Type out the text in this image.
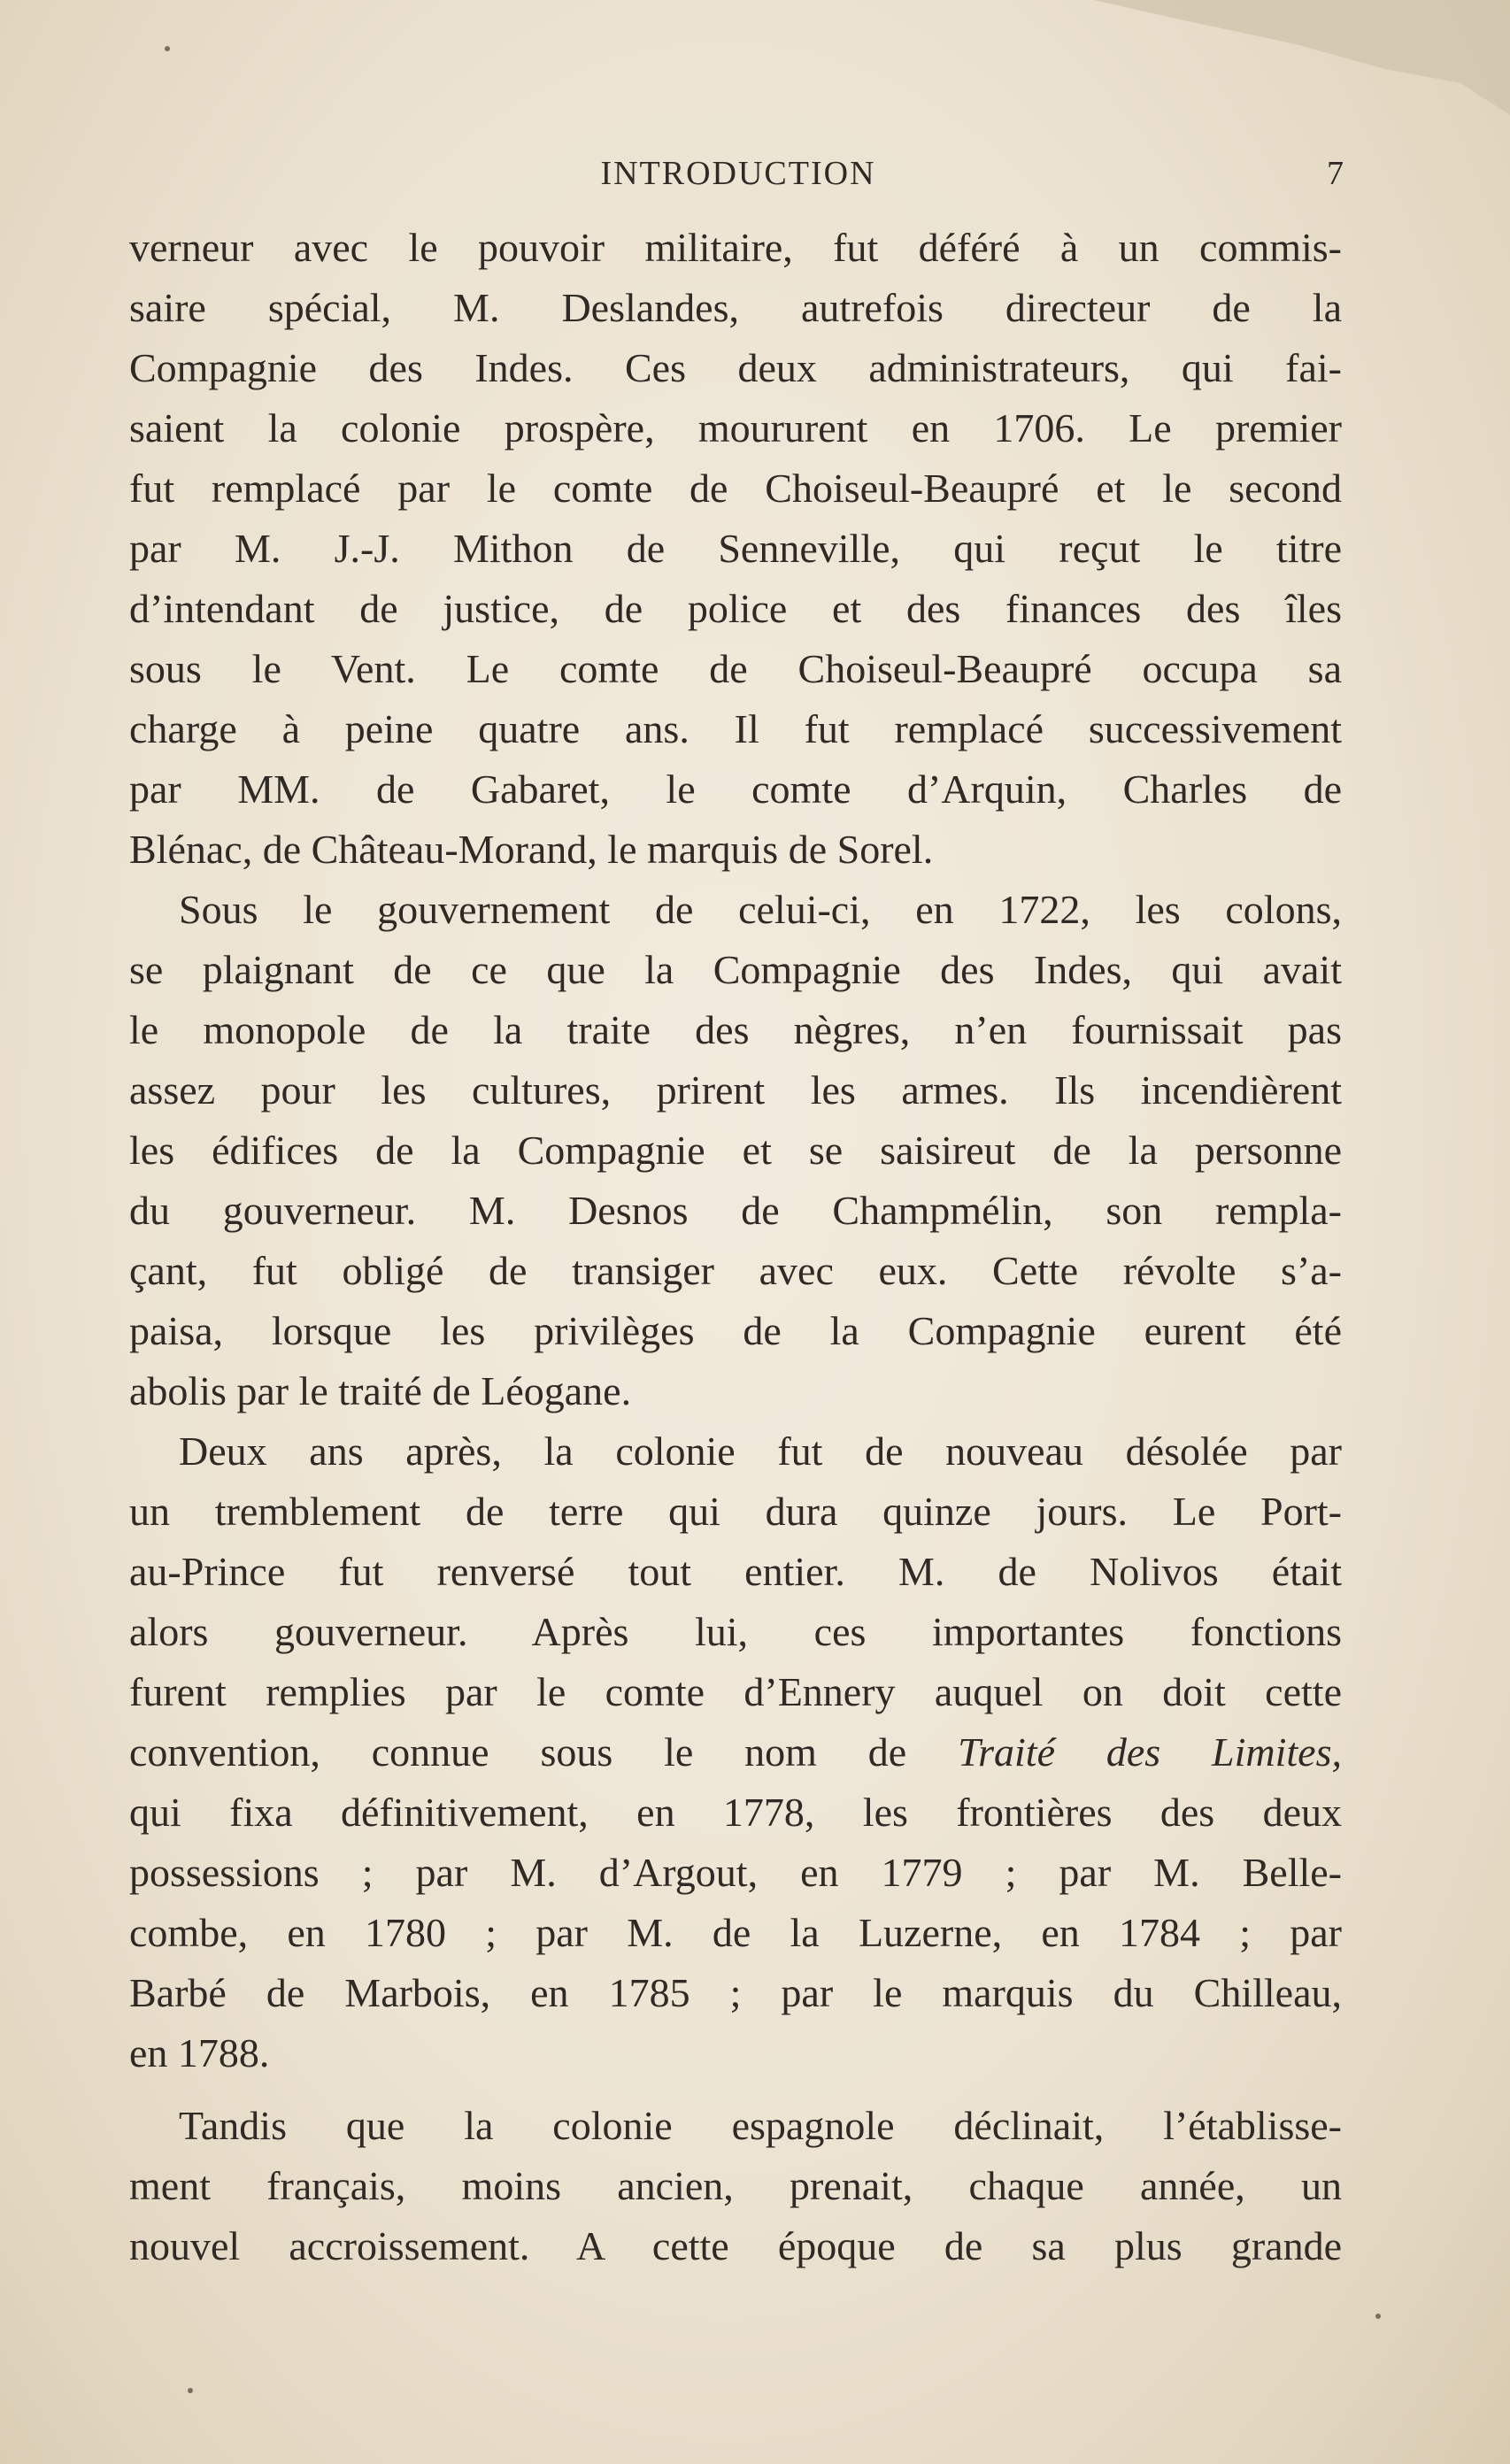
INTRODUCTION	7
verneur avec le pouvoir militaire, fut déféré à un commis-
saire spécial, M. Deslandes, autrefois directeur de la
Compagnie des Indes. Ces deux administrateurs, qui fai-
saient la colonie prospère, moururent en 1706. Le premier
fut remplacé par le comte de Choiseul-Beaupré et le second
par M. J.-J. Mithon de Senneville, qui reçut le titre
d’intendant de justice, de police et des finances des îles
sous le Vent. Le comte de Choiseul-Beaupré occupa sa
charge à peine quatre ans. Il fut remplacé successivement
par MM. de Gabaret, le comte d’Arquin, Charles de
Blénac, de Château-Morand, le marquis de Sorel.
Sous le gouvernement de celui-ci, en 1722, les colons,
se plaignant de ce que la Compagnie des Indes, qui avait
le monopole de la traite des nègres, n’en fournissait pas
assez pour les cultures, prirent les armes. Ils incendièrent
les édifices de la Compagnie et se saisireut de la personne
du gouverneur. M. Desnos de Champmélin, son rempla-
çant, fut obligé de transiger avec eux. Cette révolte s’a-
paisa, lorsque les privilèges de la Compagnie eurent été
abolis par le traité de Léogane.
Deux ans après, la colonie fut de nouveau désolée par
un tremblement de terre qui dura quinze jours. Le Port-
au-Prince fut renversé tout entier. M. de Nolivos était
alors gouverneur. Après lui, ces importantes fonctions
furent remplies par le comte d’Ennery auquel on doit cette
convention, connue sous le nom de Traité des Limites,
qui fixa définitivement, en 1778, les frontières des deux
possessions ; par M. d’Argout, en 1779 ; par M. Belle-
combe, en 1780 ; par M. de la Luzerne, en 1784 ; par
Barbé de Marbois, en 1785 ; par le marquis du Chilleau,
en 1788.
Tandis que la colonie espagnole déclinait, l’établisse-
ment français, moins ancien, prenait, chaque année, un
nouvel accroissement. A cette époque de sa plus grande
